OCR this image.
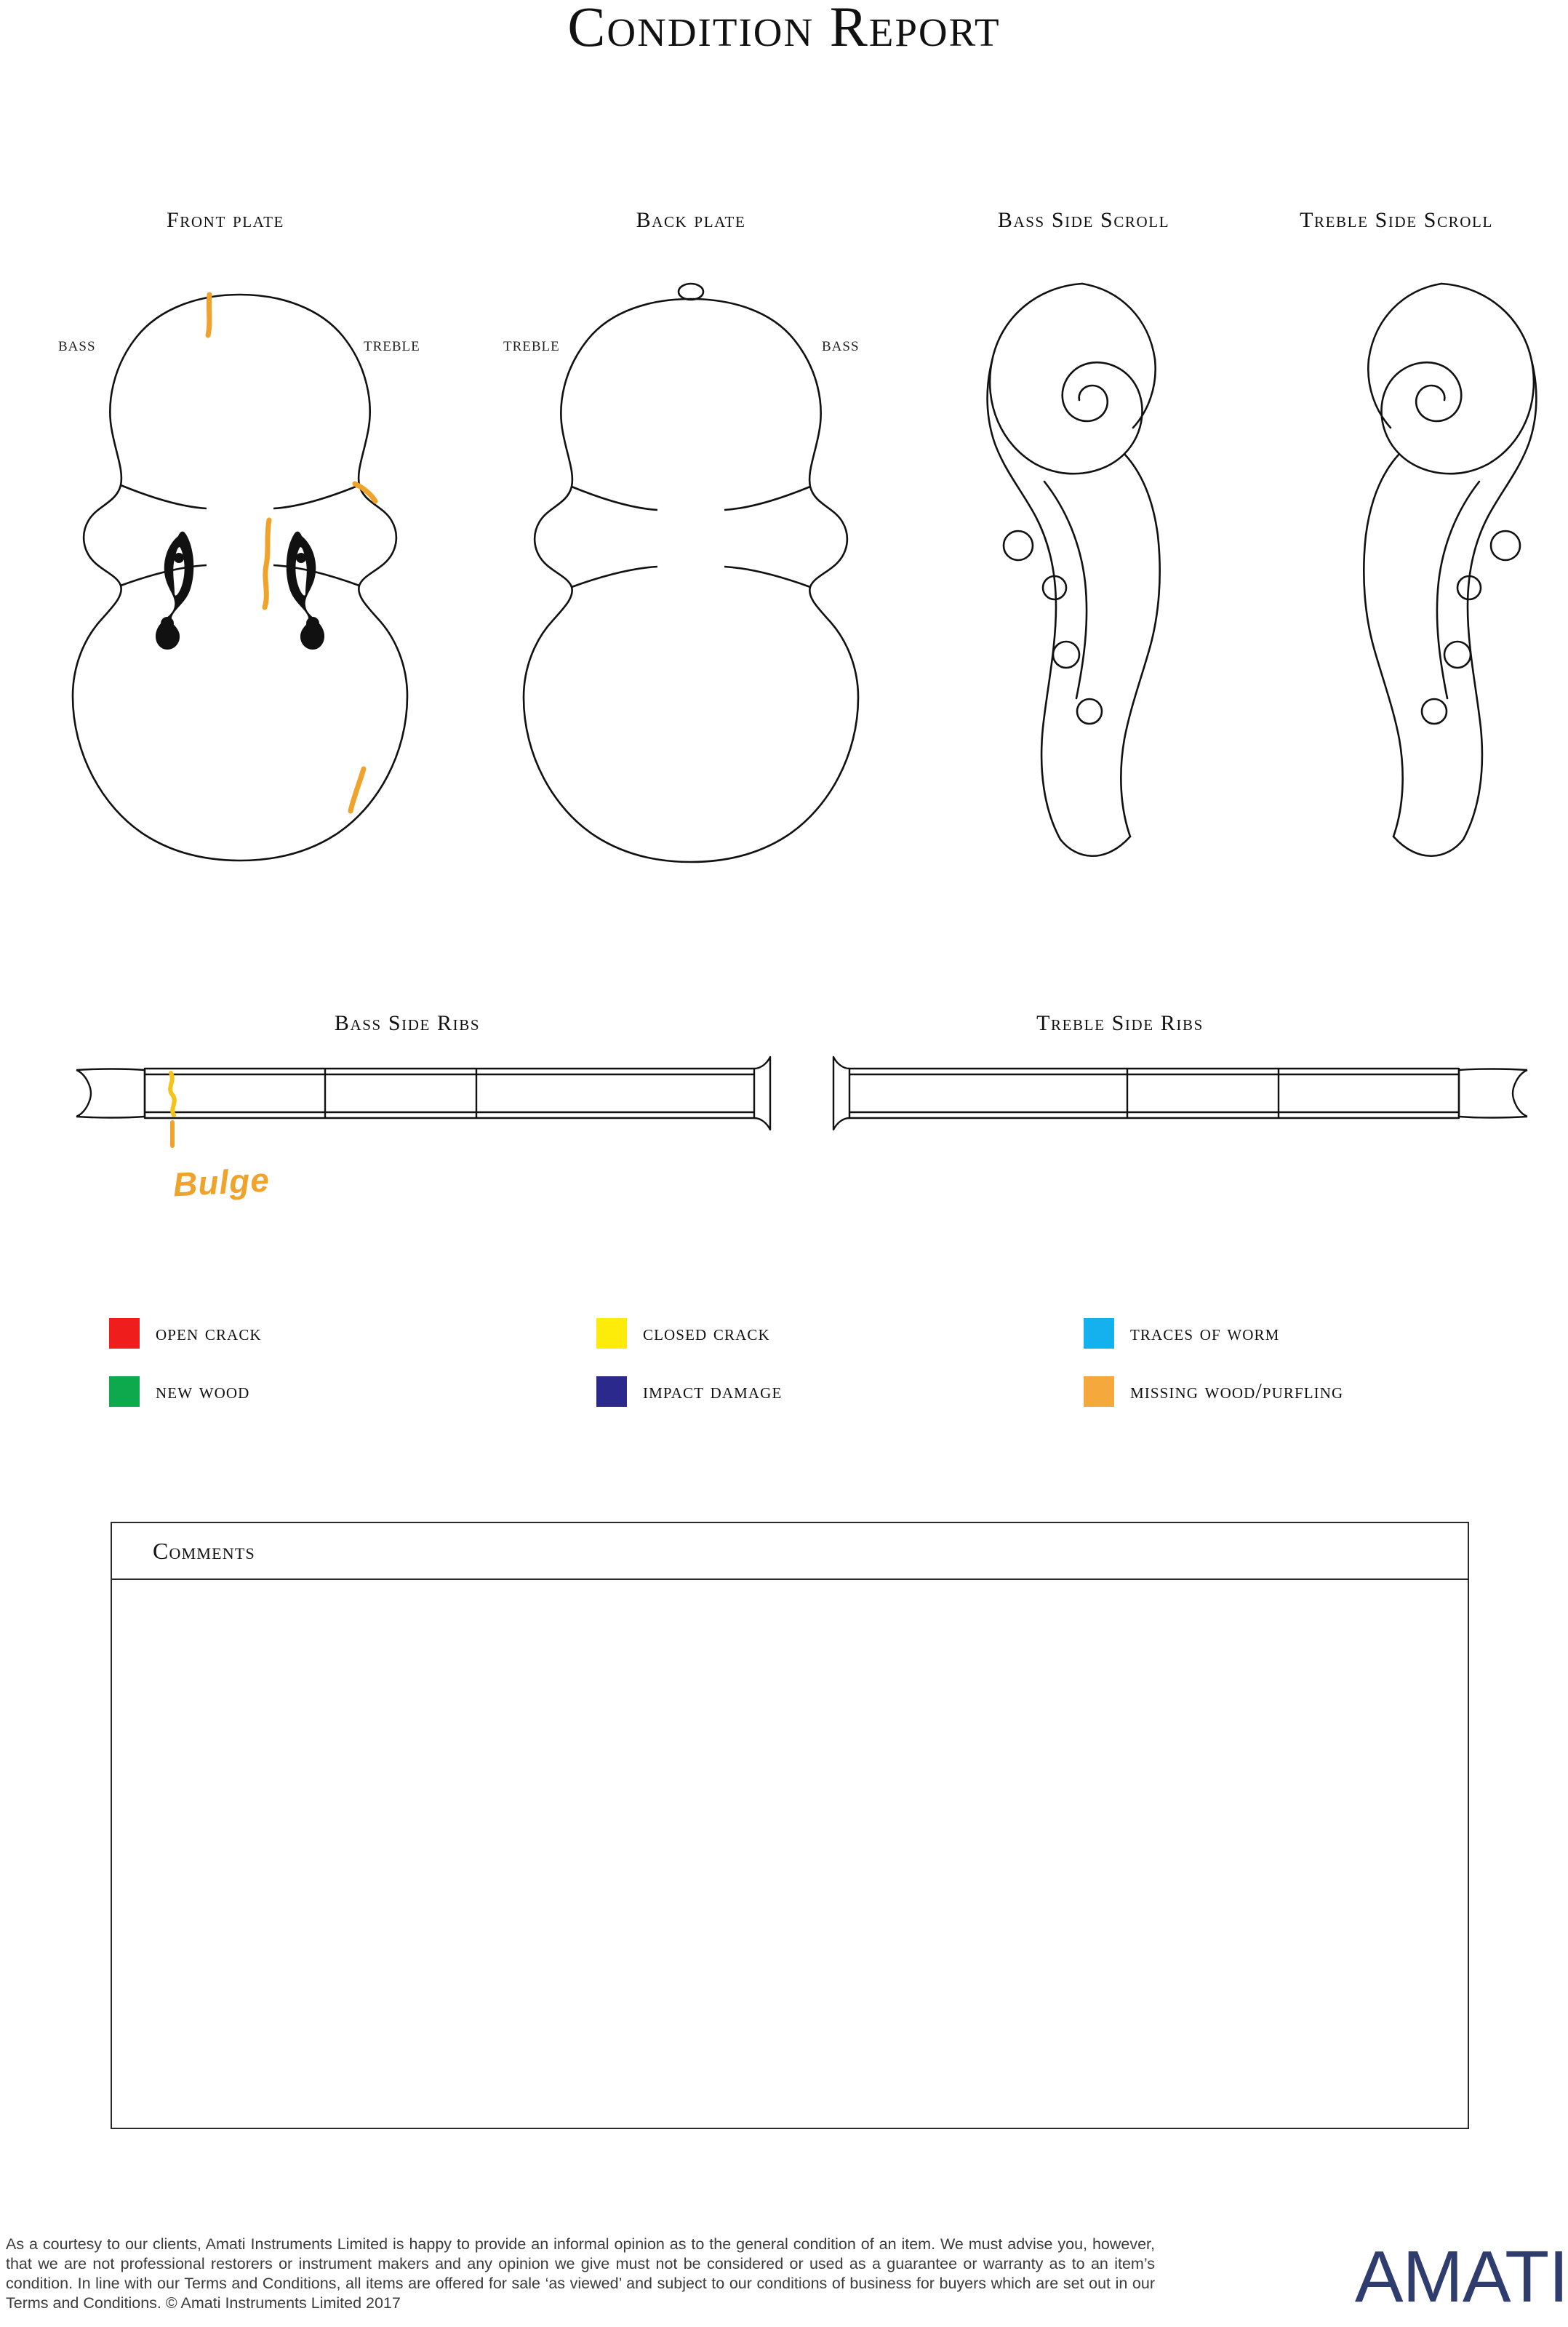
Condition Report
Front plate	Back plate	Bass Side Scroll	Treble Side Scroll
Bass Side Ribs	Treble Side Ribs
BASS	TREBLE	TREBLE	BASS
Bulge
open crack	closed crack	traces of worm
new wood	impact damage	missing wood/purfling
Comments
As a courtesy to our clients, Amati Instruments Limited is happy to provide an informal opinion as to the general condition of an item. We must advise you, however, that we are not professional restorers or instrument makers and any opinion we give must not be considered or used as a guarantee or warranty as to an item’s condition. In line with our Terms and Conditions, all items are offered for sale ‘as viewed’ and subject to our conditions of business for buyers which are set out in our Terms and Conditions. © Amati Instruments Limited 2017	AMATI
